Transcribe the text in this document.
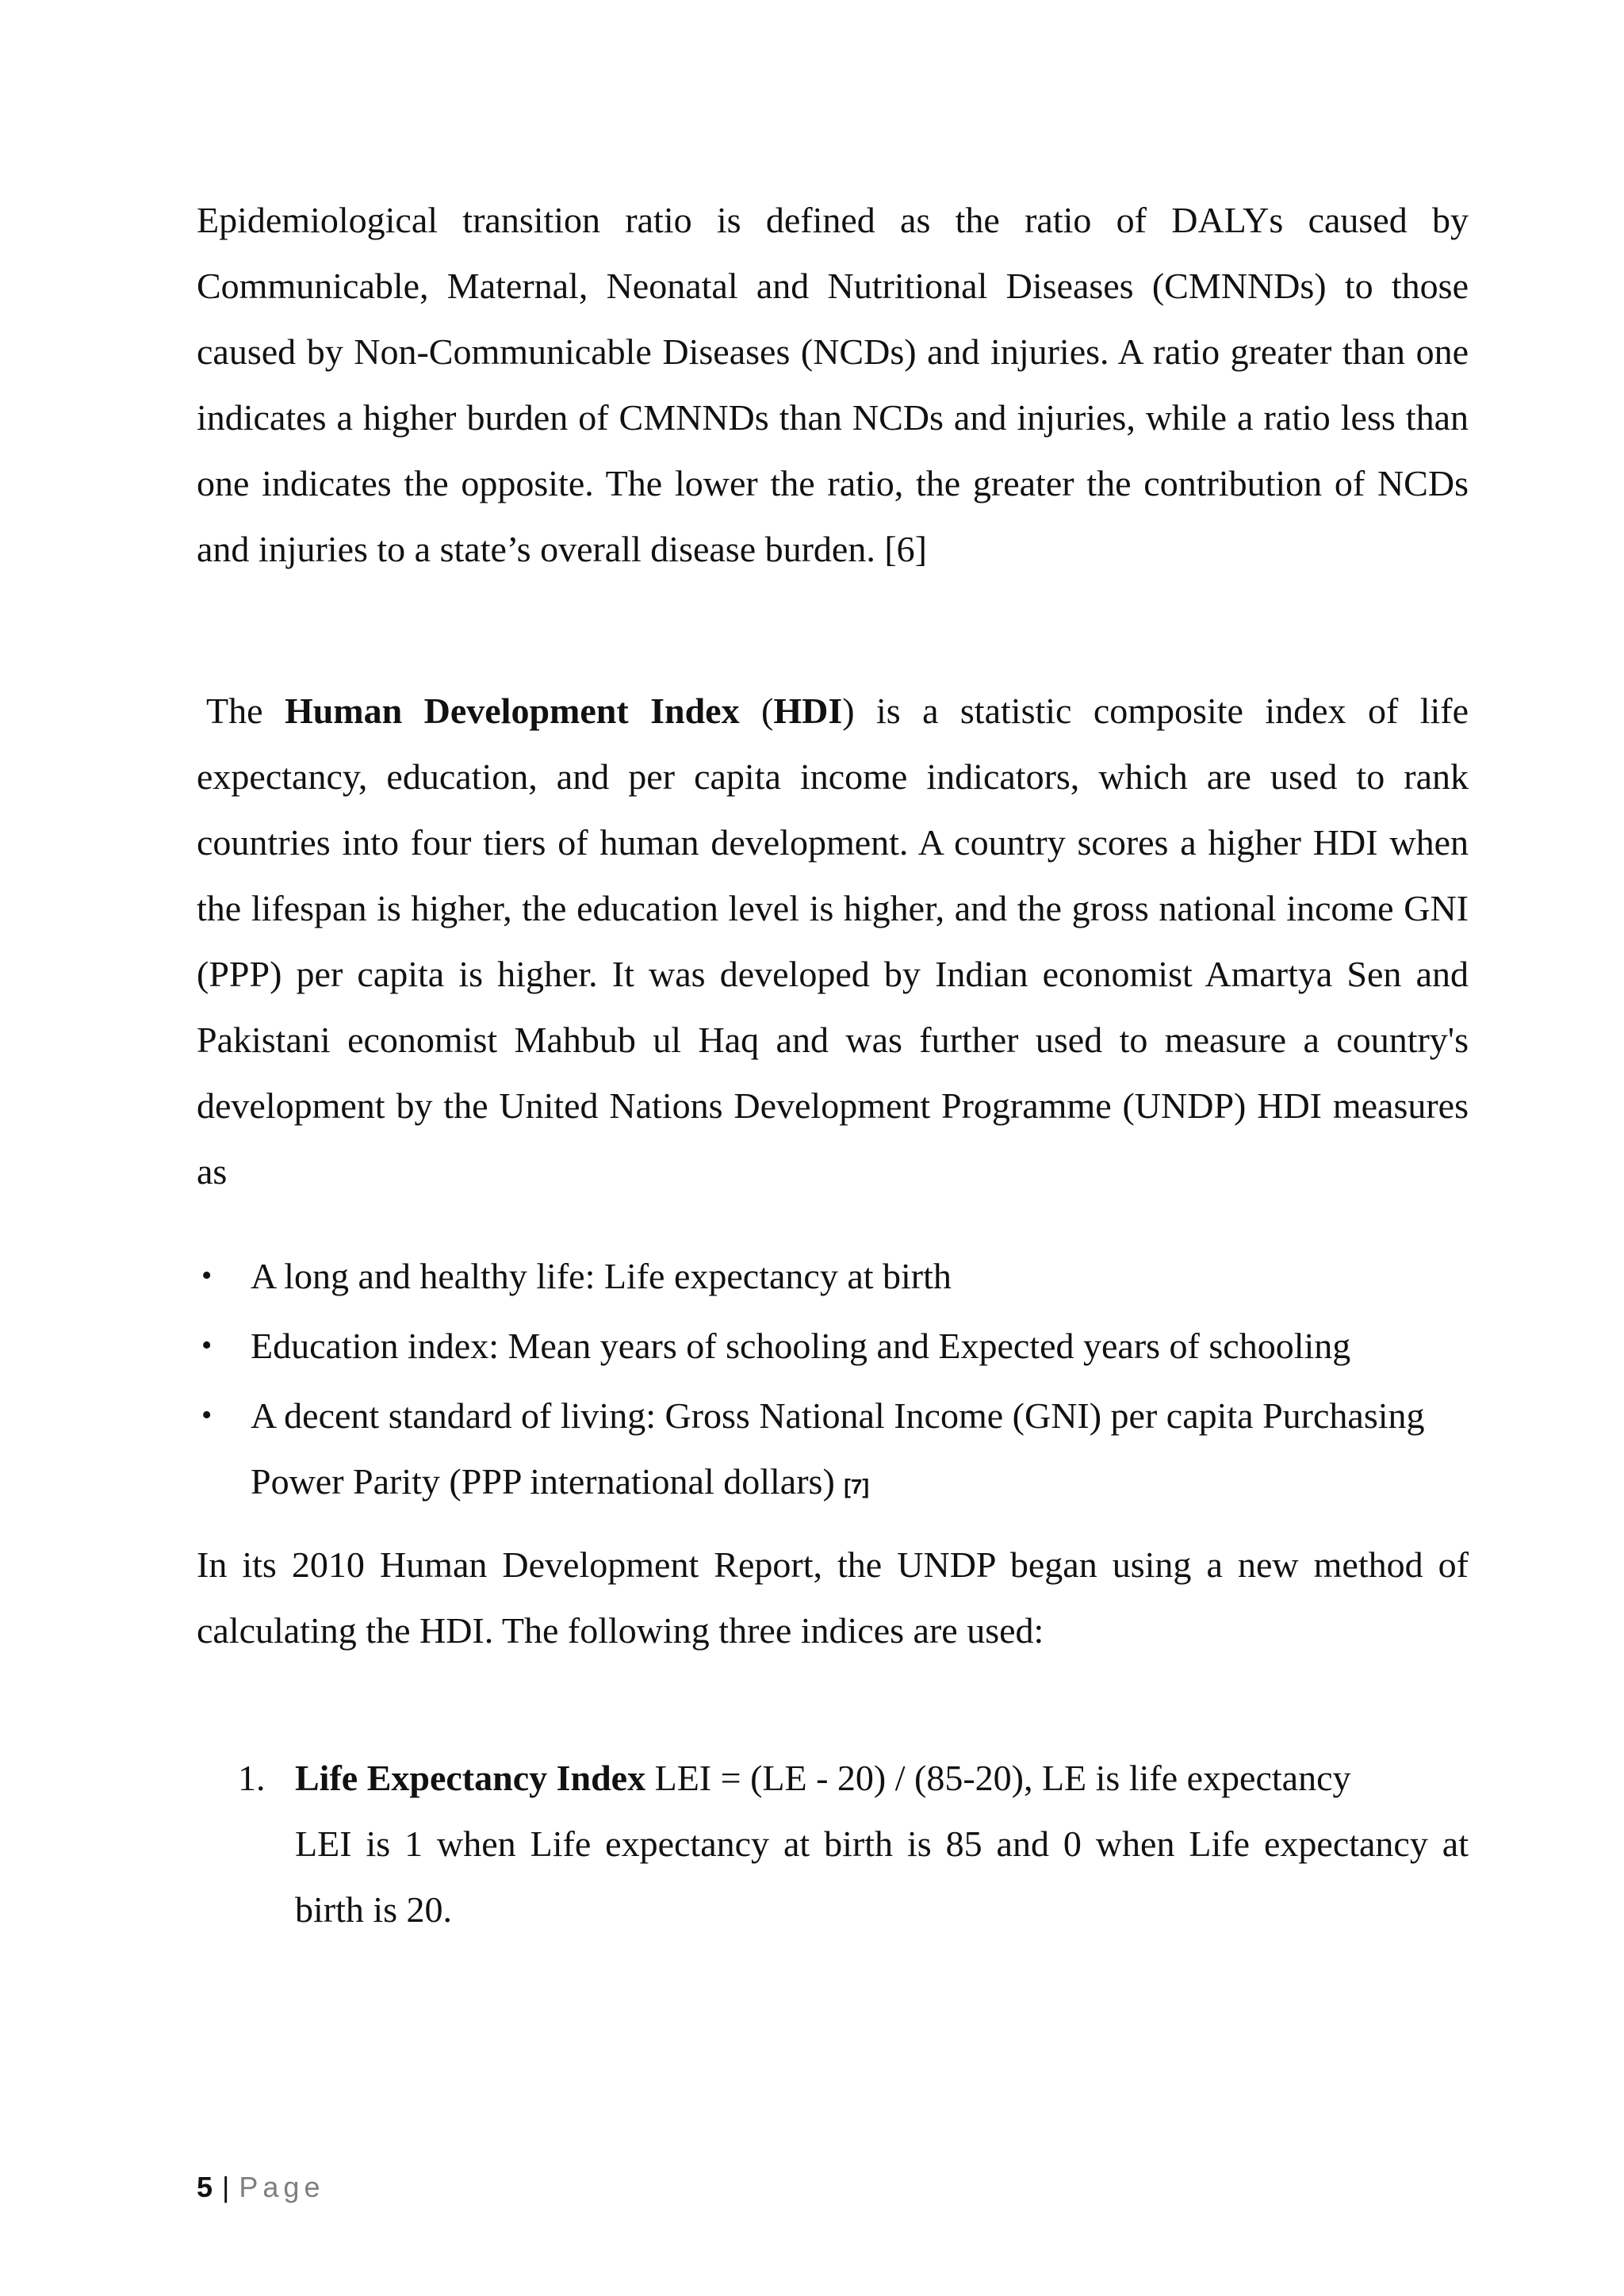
Epidemiological transition ratio is defined as the ratio of DALYs caused by Communicable, Maternal, Neonatal and Nutritional Diseases (CMNNDs) to those caused by Non-Communicable Diseases (NCDs) and injuries. A ratio greater than one indicates a higher burden of CMNNDs than NCDs and injuries, while a ratio less than one indicates the opposite. The lower the ratio, the greater the contribution of NCDs and injuries to a state’s overall disease burden. [6]

The Human Development Index (HDI) is a statistic composite index of life expectancy, education, and per capita income indicators, which are used to rank countries into four tiers of human development. A country scores a higher HDI when the lifespan is higher, the education level is higher, and the gross national income GNI (PPP) per capita is higher. It was developed by Indian economist Amartya Sen and Pakistani economist Mahbub ul Haq and was further used to measure a country's development by the United Nations Development Programme (UNDP) HDI measures as

• A long and healthy life: Life expectancy at birth
• Education index: Mean years of schooling and Expected years of schooling
• A decent standard of living: Gross National Income (GNI) per capita Purchasing Power Parity (PPP international dollars) [7]

In its 2010 Human Development Report, the UNDP began using a new method of calculating the HDI. The following three indices are used:

1. Life Expectancy Index LEI = (LE - 20) / (85-20), LE is life expectancy
LEI is 1 when Life expectancy at birth is 85 and 0 when Life expectancy at birth is 20.
5 | Page
